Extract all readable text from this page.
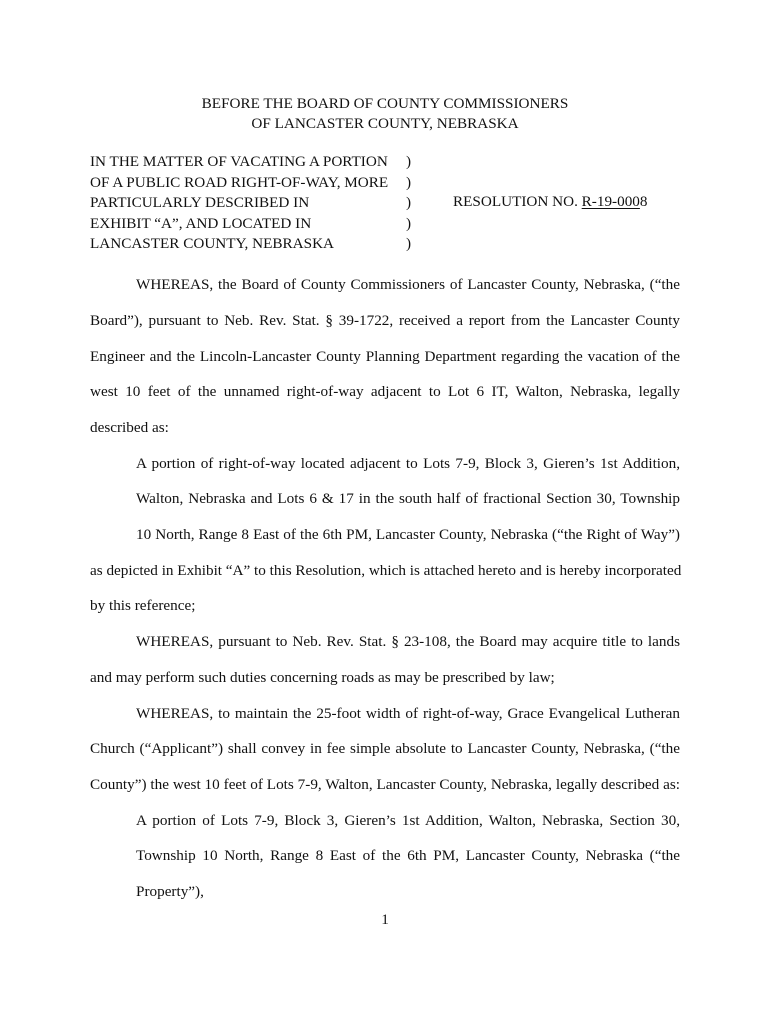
BEFORE THE BOARD OF COUNTY COMMISSIONERS
OF LANCASTER COUNTY, NEBRASKA
IN THE MATTER OF VACATING A PORTION	)
OF A PUBLIC ROAD RIGHT-OF-WAY, MORE	)
PARTICULARLY DESCRIBED IN	)
EXHIBIT “A”, AND LOCATED IN	)
LANCASTER COUNTY, NEBRASKA	)
RESOLUTION NO. R-19-0008
WHEREAS, the Board of County Commissioners of Lancaster County, Nebraska, (“the
Board”), pursuant to Neb. Rev. Stat. § 39-1722, received a report from the Lancaster County
Engineer and the Lincoln-Lancaster County Planning Department regarding the vacation of the
west 10 feet of the unnamed right-of-way adjacent to Lot 6 IT, Walton, Nebraska, legally
described as:
A portion of right-of-way located adjacent to Lots 7-9, Block 3, Gieren’s 1st Addition,
Walton, Nebraska and Lots 6 & 17 in the south half of fractional Section 30, Township
10 North, Range 8 East of the 6th PM, Lancaster County, Nebraska (“the Right of Way”)
as depicted in Exhibit “A” to this Resolution, which is attached hereto and is hereby incorporated
by this reference;
WHEREAS, pursuant to Neb. Rev. Stat. § 23-108, the Board may acquire title to lands
and may perform such duties concerning roads as may be prescribed by law;
WHEREAS, to maintain the 25-foot width of right-of-way, Grace Evangelical Lutheran
Church (“Applicant”) shall convey in fee simple absolute to Lancaster County, Nebraska, (“the
County”) the west 10 feet of Lots 7-9, Walton, Lancaster County, Nebraska, legally described as:
A portion of Lots 7-9, Block 3, Gieren’s 1st Addition, Walton, Nebraska, Section 30,
Township 10 North, Range 8 East of the 6th PM, Lancaster County, Nebraska (“the
Property”),
1
